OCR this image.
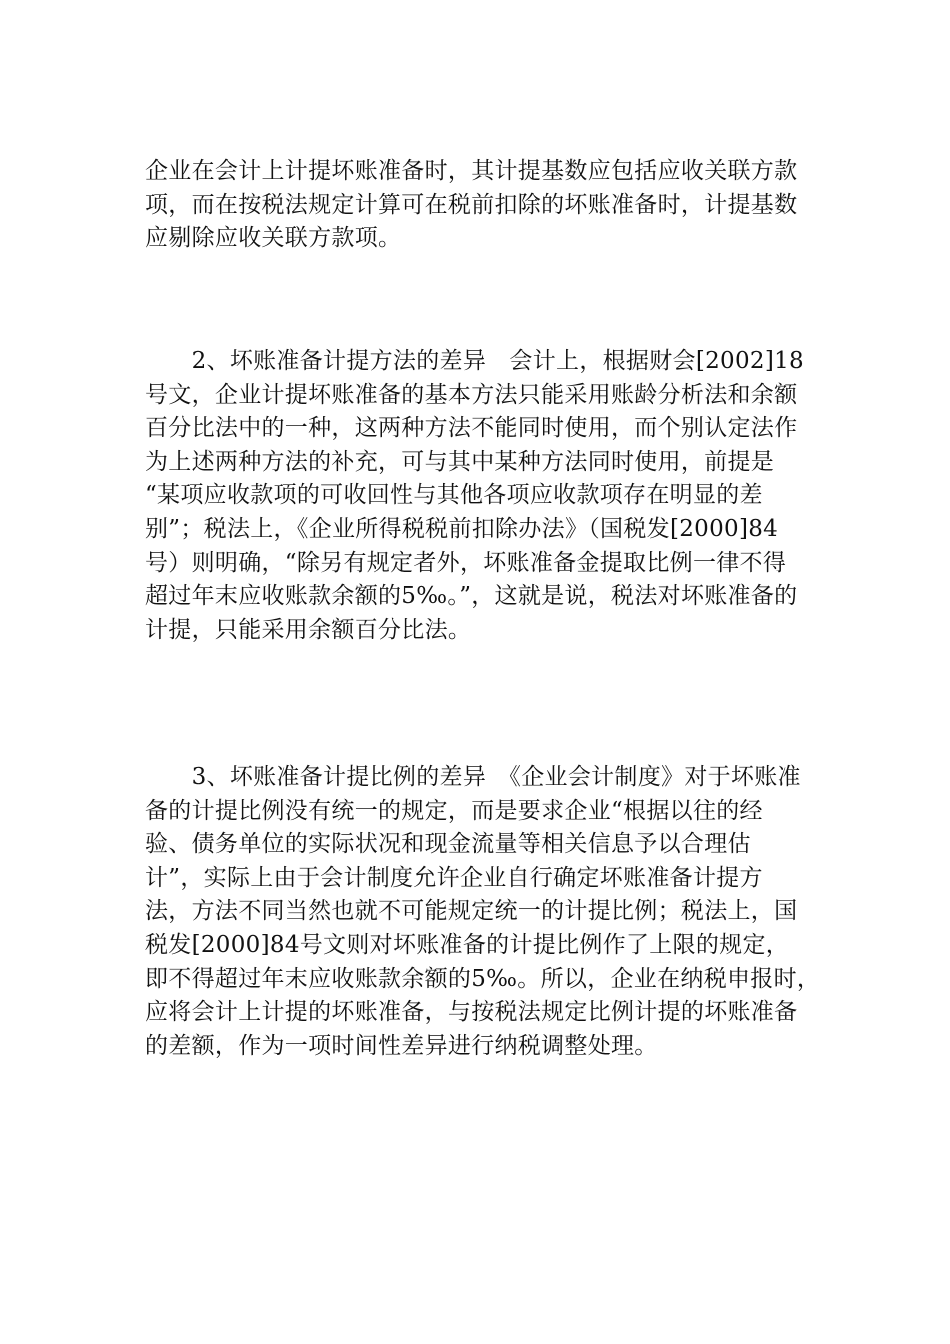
企业在会计上计提坏账准备时，其计提基数应包括应收关联方款
项，而在按税法规定计算可在税前扣除的坏账准备时，计提基数
应剔除应收关联方款项。
　　2、坏账准备计提方法的差异　会计上，根据财会[2002]18
号文，企业计提坏账准备的基本方法只能采用账龄分析法和余额
百分比法中的一种，这两种方法不能同时使用，而个别认定法作
为上述两种方法的补充，可与其中某种方法同时使用，前提是
“某项应收款项的可收回性与其他各项应收款项存在明显的差
别”；税法上，《企业所得税税前扣除办法》（国税发[2000]84
号）则明确，“除另有规定者外，坏账准备金提取比例一律不得
超过年末应收账款余额的5‰。”，这就是说，税法对坏账准备的
计提，只能采用余额百分比法。
　　3、坏账准备计提比例的差异　《企业会计制度》对于坏账准
备的计提比例没有统一的规定，而是要求企业“根据以往的经
验、债务单位的实际状况和现金流量等相关信息予以合理估
计”，实际上由于会计制度允许企业自行确定坏账准备计提方
法，方法不同当然也就不可能规定统一的计提比例；税法上，国
税发[2000]84号文则对坏账准备的计提比例作了上限的规定，
即不得超过年末应收账款余额的5‰。所以，企业在纳税申报时，
应将会计上计提的坏账准备，与按税法规定比例计提的坏账准备
的差额，作为一项时间性差异进行纳税调整处理。
